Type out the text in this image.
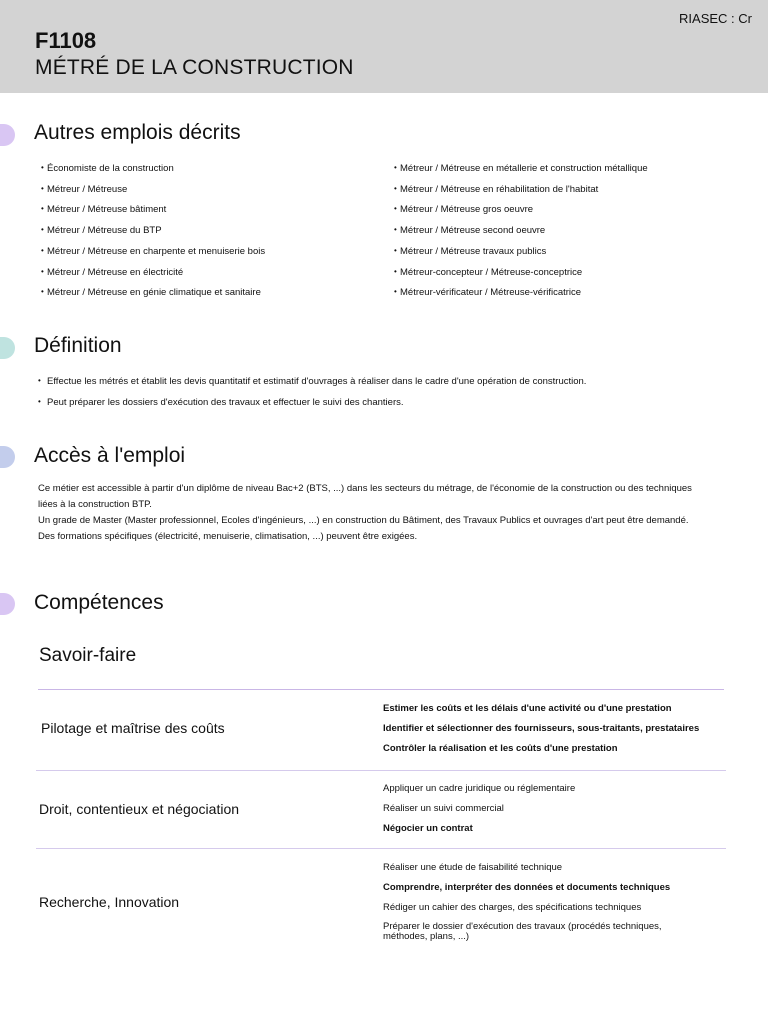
F1108
MÉTRÉ DE LA CONSTRUCTION
RIASEC : Cr
Autres emplois décrits
• Économiste de la construction
• Métreur / Métreuse
• Métreur / Métreuse bâtiment
• Métreur / Métreuse du BTP
• Métreur / Métreuse en charpente et menuiserie bois
• Métreur / Métreuse en électricité
• Métreur / Métreuse en génie climatique et sanitaire
• Métreur / Métreuse en métallerie et construction métallique
• Métreur / Métreuse en réhabilitation de l'habitat
• Métreur / Métreuse gros oeuvre
• Métreur / Métreuse second oeuvre
• Métreur / Métreuse travaux publics
• Métreur-concepteur / Métreuse-conceptrice
• Métreur-vérificateur / Métreuse-vérificatrice
Définition
• Effectue les métrés et établit les devis quantitatif et estimatif d'ouvrages à réaliser dans le cadre d'une opération de construction.
• Peut préparer les dossiers d'exécution des travaux et effectuer le suivi des chantiers.
Accès à l'emploi

Ce métier est accessible à partir d'un diplôme de niveau Bac+2 (BTS, ...) dans les secteurs du métrage, de l'économie de la construction ou des techniques liées à la construction BTP.

Un grade de Master (Master professionnel, Ecoles d'ingénieurs, ...) en construction du Bâtiment, des Travaux Publics et ouvrages d'art peut être demandé.

Des formations spécifiques (électricité, menuiserie, climatisation, ...) peuvent être exigées.

Compétences
Savoir-faire
Pilotage et maîtrise des coûts
Estimer les coûts et les délais d'une activité ou d'une prestation
Identifier et sélectionner des fournisseurs, sous-traitants, prestataires
Contrôler la réalisation et les coûts d'une prestation
Droit, contentieux et négociation
Appliquer un cadre juridique ou réglementaire
Réaliser un suivi commercial
Négocier un contrat
Recherche, Innovation
Réaliser une étude de faisabilité technique
Comprendre, interpréter des données et documents techniques
Rédiger un cahier des charges, des spécifications techniques
Préparer le dossier d'exécution des travaux (procédés techniques, méthodes, plans, ...)
